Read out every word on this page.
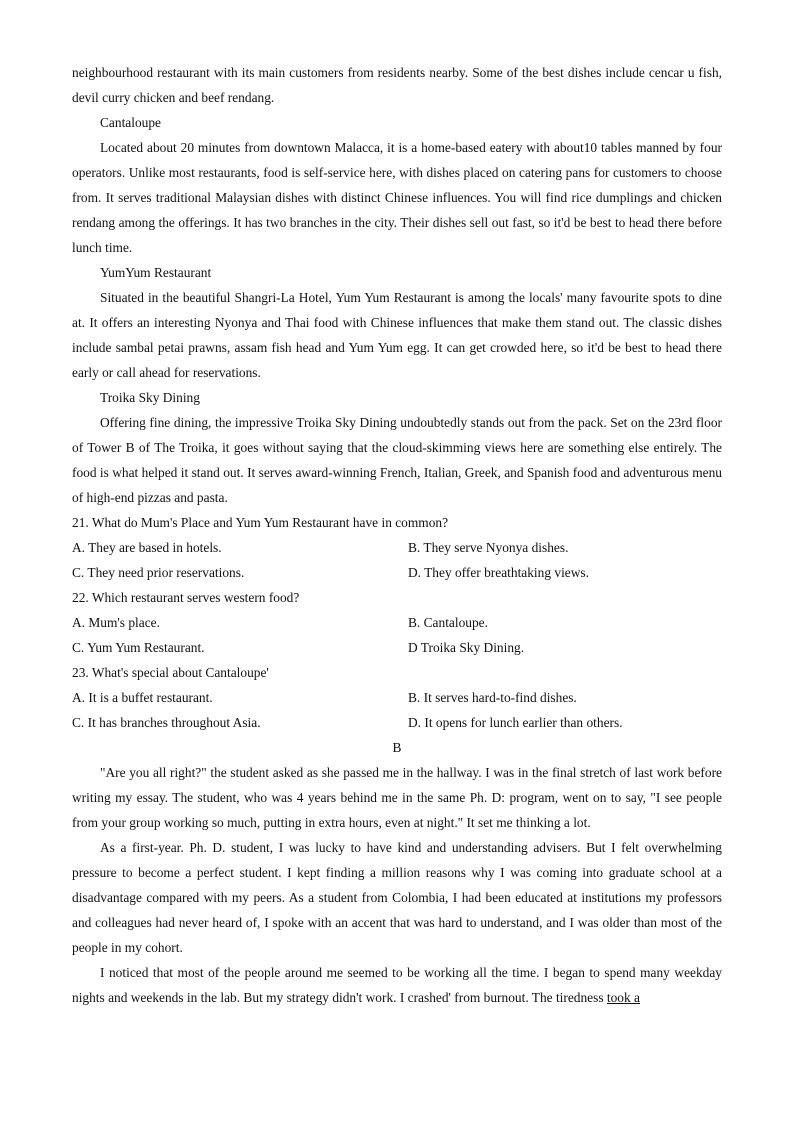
neighbourhood restaurant with its main customers from residents nearby. Some of the best dishes include cencar u fish, devil curry chicken and beef rendang.

Cantaloupe

Located about 20 minutes from downtown Malacca, it is a home-based eatery with about10 tables manned by four operators. Unlike most restaurants, food is self-service here, with dishes placed on catering pans for customers to choose from. It serves traditional Malaysian dishes with distinct Chinese influences. You will find rice dumplings and chicken rendang among the offerings. It has two branches in the city. Their dishes sell out fast, so it'd be best to head there before lunch time.

YumYum Restaurant

Situated in the beautiful Shangri-La Hotel, Yum Yum Restaurant is among the locals' many favourite spots to dine at. It offers an interesting Nyonya and Thai food with Chinese influences that make them stand out. The classic dishes include sambal petai prawns, assam fish head and Yum Yum egg. It can get crowded here, so it'd be best to head there early or call ahead for reservations.

Troika Sky Dining

Offering fine dining, the impressive Troika Sky Dining undoubtedly stands out from the pack. Set on the 23rd floor of Tower B of The Troika, it goes without saying that the cloud-skimming views here are something else entirely. The food is what helped it stand out. It serves award-winning French, Italian, Greek, and Spanish food and adventurous menu of high-end pizzas and pasta.

21. What do Mum's Place and Yum Yum Restaurant have in common?
A. They are based in hotels.	B. They serve Nyonya dishes.
C. They need prior reservations.	D. They offer breathtaking views.
22. Which restaurant serves western food?
A. Mum's place.	B. Cantaloupe.
C. Yum Yum Restaurant.	D Troika Sky Dining.
23. What's special about Cantaloupe'
A. It is a buffet restaurant.	B. It serves hard-to-find dishes.
C. It has branches throughout Asia.	D. It opens for lunch earlier than others.
B

"Are you all right?" the student asked as she passed me in the hallway. I was in the final stretch of last work before writing my essay. The student, who was 4 years behind me in the same Ph. D: program, went on to say, "I see people from your group working so much, putting in extra hours, even at night." It set me thinking a lot.

As a first-year. Ph. D. student, I was lucky to have kind and understanding advisers. But I felt overwhelming pressure to become a perfect student. I kept finding a million reasons why I was coming into graduate school at a disadvantage compared with my peers. As a student from Colombia, I had been educated at institutions my professors and colleagues had never heard of, I spoke with an accent that was hard to understand, and I was older than most of the people in my cohort.

I noticed that most of the people around me seemed to be working all the time. I began to spend many weekday nights and weekends in the lab. But my strategy didn't work. I crashed' from burnout. The tiredness took a
